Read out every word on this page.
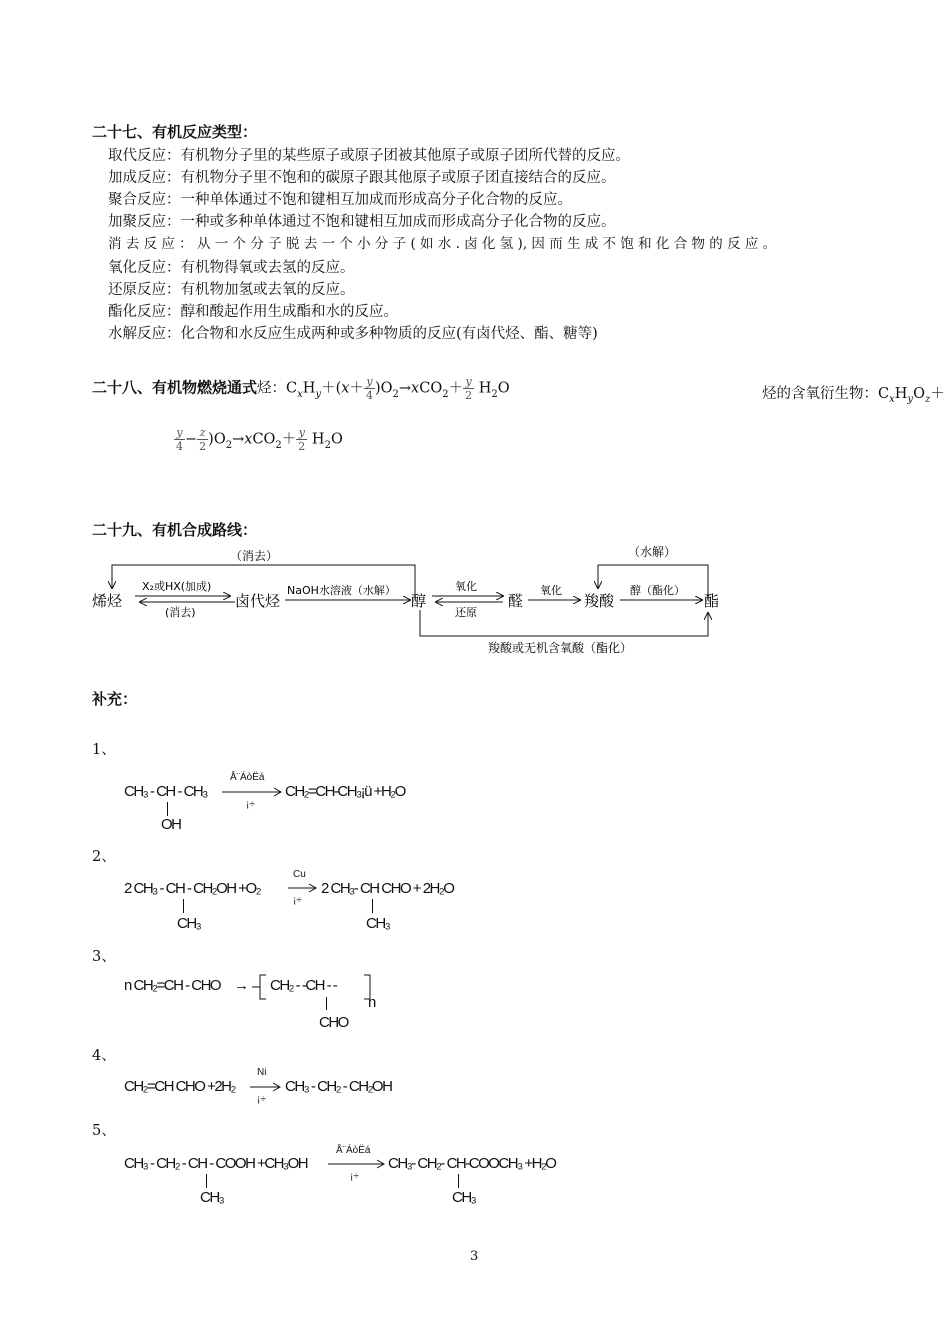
二十七、有机反应类型：
取代反应：有机物分子里的某些原子或原子团被其他原子或原子团所代替的反应。
加成反应：有机物分子里不饱和的碳原子跟其他原子或原子团直接结合的反应。
聚合反应：一种单体通过不饱和键相互加成而形成高分子化合物的反应。
加聚反应：一种或多种单体通过不饱和键相互加成而形成高分子化合物的反应。
消 去 反 应 ： 从 一 个 分 子 脱 去 一 个 小 分 子 ( 如 水 . 卤 化 氢 ), 因 而 生 成 不 饱 和 化 合 物 的 反 应 。
氧化反应：有机物得氧或去氢的反应。
还原反应：有机物加氢或去氧的反应。
酯化反应：醇和酸起作用生成酯和水的反应。
水解反应：化合物和水反应生成两种或多种物质的反应(有卤代烃、酯、糖等)
二十八、有机物燃烧通式烃：$C_xH_y+(x+ \frac{y}{4} )O_2\to xCO_2+ \frac{y}{2} H_2O$	烃的含氧衍生物：$C_xH_yO_z+$
$\frac{y}{4} - \frac{z}{2} )O_2\to xCO_2+ \frac{y}{2} H_2O$
二十九、有机合成路线：
（消去）
X₂或HX(加成)
(消去)
NaOH水溶液（水解）	氧化
还原
氧化	醇（酯化）
（水解）
羧酸或无机含氧酸（酯化）
烯烃	卤代烃	醇	醛	羧酸	酯
补充：
1、
CH₃ - CH - CH₃
OH
Å¨ÁòËá
¡÷
CH₂=CH-CH₃¡ü +H₂O
2、
2 CH₃ - CH - CH₂OH +O₂
CH₃
Cu
¡÷
2 CH₃- CH CHO + 2H₂O
CH₃
3、
n CH₂=CH - CHO → CH₂ - -CH - -
n
CHO
4、
CH₂=CH CHO +2H₂
Ni
¡÷
CH₃ - CH₂ - CH₂OH
5、
CH₃ - CH₂ - CH - COOH +CH₃OH
CH₃
Å¨ÁòËá
¡÷
CH₃- CH₂- CH-COOCH₃ +H₂O
CH₃
3
